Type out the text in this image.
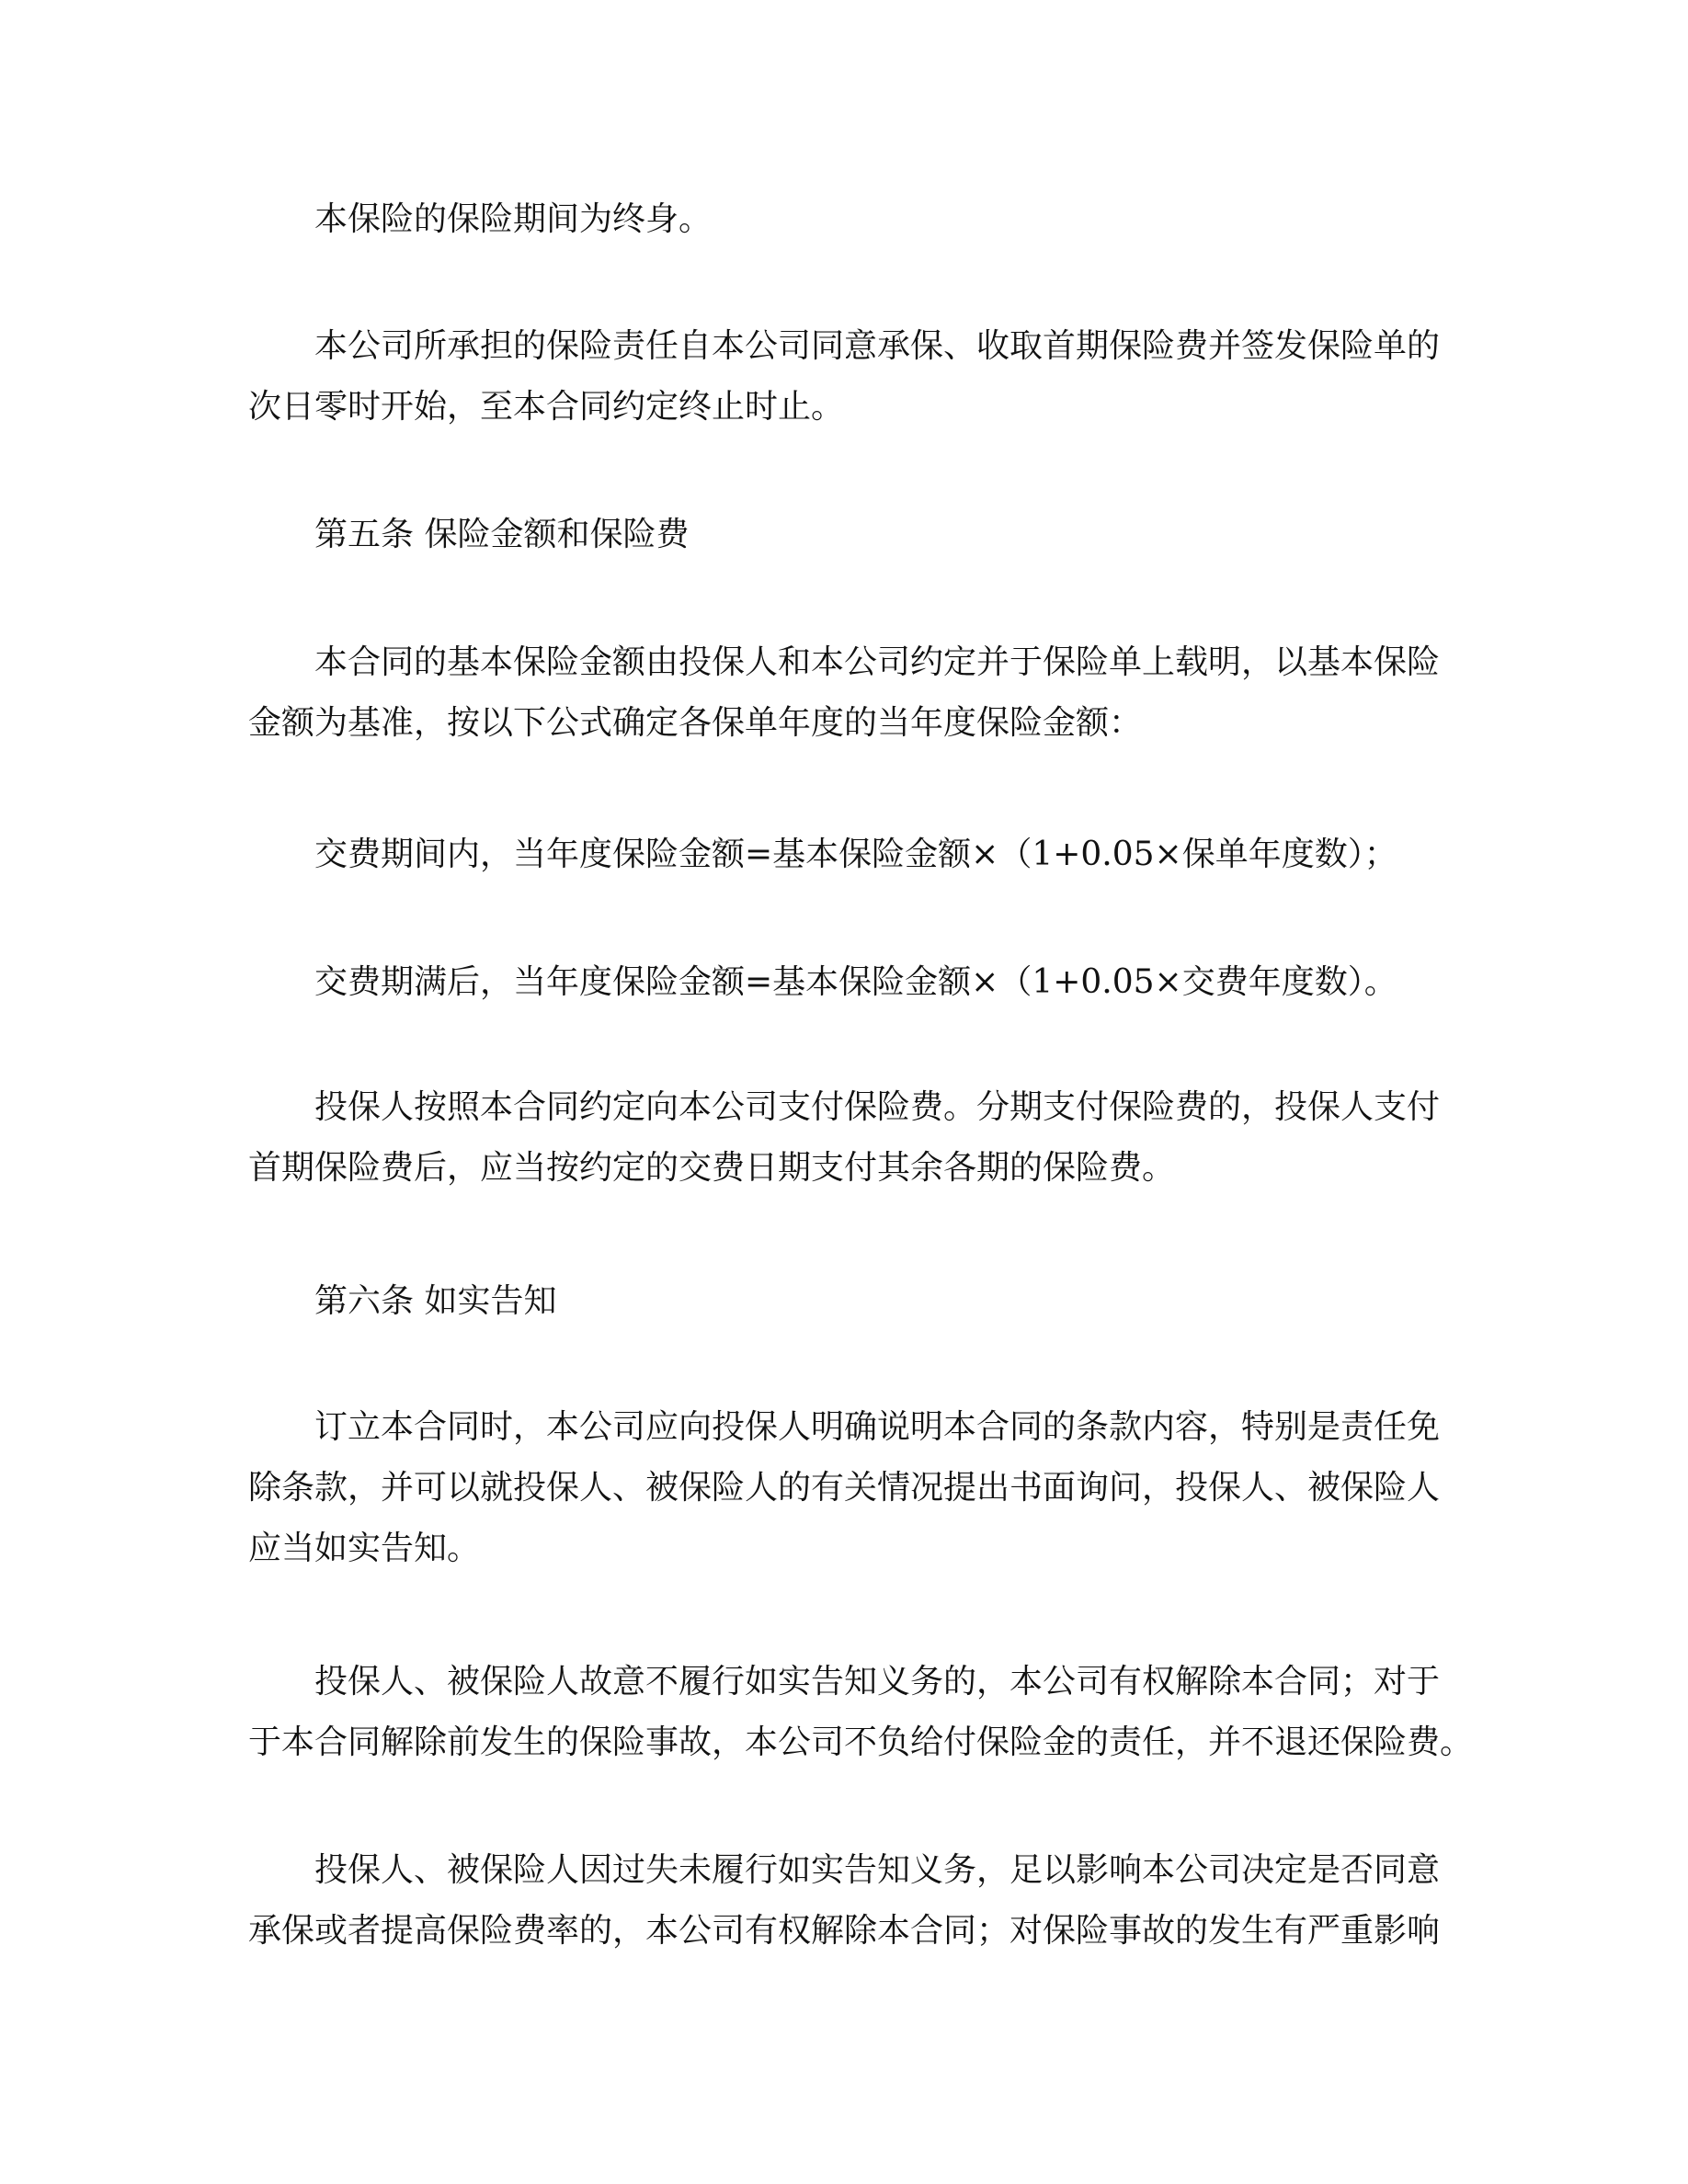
本保险的保险期间为终身。
本公司所承担的保险责任自本公司同意承保、收取首期保险费并签发保险单的
次日零时开始，至本合同约定终止时止。
第五条 保险金额和保险费
本合同的基本保险金额由投保人和本公司约定并于保险单上载明，以基本保险
金额为基准，按以下公式确定各保单年度的当年度保险金额：
交费期间内，当年度保险金额=基本保险金额×（1+0.05×保单年度数）；
交费期满后，当年度保险金额=基本保险金额×（1+0.05×交费年度数）。
投保人按照本合同约定向本公司支付保险费。分期支付保险费的，投保人支付
首期保险费后，应当按约定的交费日期支付其余各期的保险费。
第六条 如实告知
订立本合同时，本公司应向投保人明确说明本合同的条款内容，特别是责任免
除条款，并可以就投保人、被保险人的有关情况提出书面询问，投保人、被保险人
应当如实告知。
投保人、被保险人故意不履行如实告知义务的，本公司有权解除本合同；对于
于本合同解除前发生的保险事故，本公司不负给付保险金的责任，并不退还保险费。
投保人、被保险人因过失未履行如实告知义务，足以影响本公司决定是否同意
承保或者提高保险费率的，本公司有权解除本合同；对保险事故的发生有严重影响
